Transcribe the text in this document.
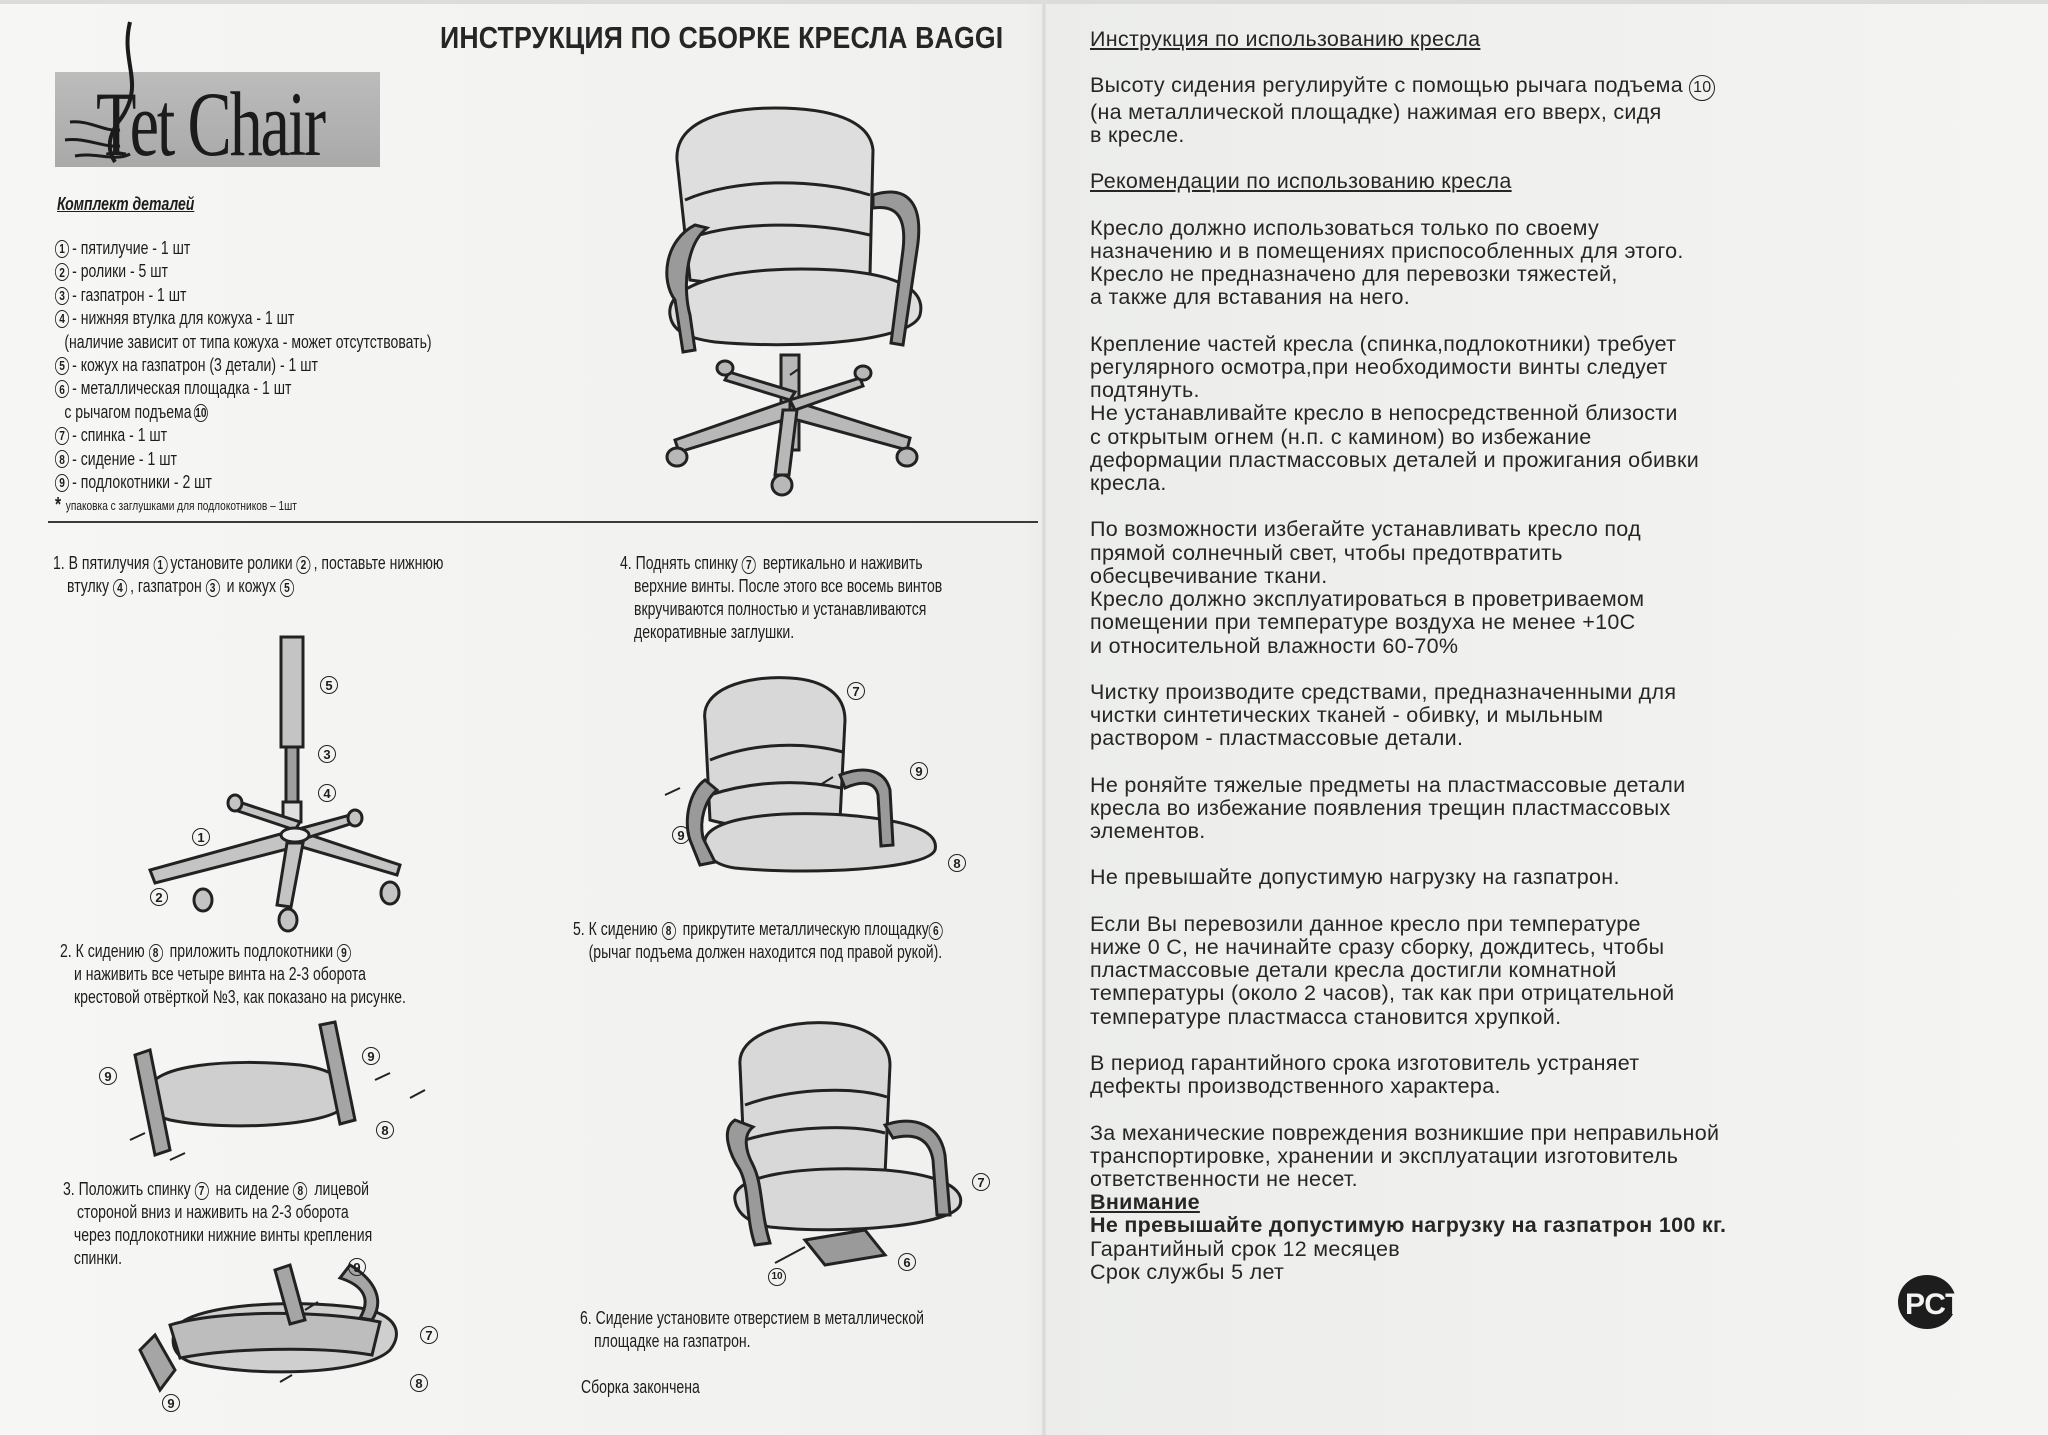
Tet Chair
ИНСТРУКЦИЯ ПО СБОРКЕ КРЕСЛА BAGGI
Комплект деталей
1 - пятилучие - 1 шт
2 - ролики - 5 шт
3 - газпатрон - 1 шт
4 - нижняя втулка для кожуха - 1 шт
(наличие зависит от типа кожуха - может отсутствовать)
5 - кожух на газпатрон (3 детали) - 1 шт
6 - металлическая площадка - 1 шт
с рычагом подъема 10
7 - спинка - 1 шт
8 - сидение - 1 шт
9 - подлокотники - 2 шт
* упаковка с заглушками для подлокотников – 1шт
1. В пятилучия 1 установите ролики 2 , поставьте нижнюю
втулку 4 , газпатрон 3 и кожух 5
5
3
4
1
2
2. К сидению 8 приложить подлокотники 9
и наживить все четыре винта на 2-3 оборота
крестовой отвёрткой №3, как показано на рисунке.
9
9
8
3. Положить спинку 7 на сидение 8 лицевой
стороной вниз и наживить на 2-3 оборота
через подлокотники нижние винты крепления
спинки.	9
7
8
9
4. Поднять спинку 7 вертикально и наживить
верхние винты. После этого все восемь винтов
вкручиваются полностью и устанавливаются
декоративные заглушки.
7
9
9
8
5. К сидению 8 прикрутите металлическую площадку 6
(рычаг подъема должен находится под правой рукой).
7
6
10
6. Сидение установите отверстием в металлической
площадке на газпатрон.
Сборка закончена

Инструкция по использованию кресла

Высоту сидения регулируйте с помощью рычага подъема 10
(на металлической площадке) нажимая его вверх, сидя
в кресле.

Рекомендации по использованию кресла

Кресло должно использоваться только по своему
назначению и в помещениях приспособленных для этого.
Кресло не предназначено для перевозки тяжестей,
а также для вставания на него.

Крепление частей кресла (спинка,подлокотники) требует
регулярного осмотра,при необходимости винты следует
подтянуть.
Не устанавливайте кресло в непосредственной близости
с открытым огнем (н.п. с камином) во избежание
деформации пластмассовых деталей и прожигания обивки
кресла.

По возможности избегайте устанавливать кресло под
прямой солнечный свет, чтобы предотвратить
обесцвечивание ткани.
Кресло должно эксплуатироваться в проветриваемом
помещении при температуре воздуха не менее +10С
и относительной влажности 60-70%

Чистку производите средствами, предназначенными для
чистки синтетических тканей - обивку, и мыльным
раствором - пластмассовые детали.

Не роняйте тяжелые предметы на пластмассовые детали
кресла во избежание появления трещин пластмассовых
элементов.

Не превышайте допустимую нагрузку на газпатрон.

Если Вы перевозили данное кресло при температуре
ниже 0 С, не начинайте сразу сборку, дождитесь, чтобы
пластмассовые детали кресла достигли комнатной
температуры (около 2 часов), так как при отрицательной
температуре пластмасса становится хрупкой.

В период гарантийного срока изготовитель устраняет
дефекты производственного характера.

За механические повреждения возникшие при неправильной
транспортировке, хранении и эксплуатации изготовитель
ответственности не несет.

Внимание
Не превышайте допустимую нагрузку на газпатрон 100 кг.
Гарантийный срок 12 месяцев
Срок службы 5 лет
РСТ
